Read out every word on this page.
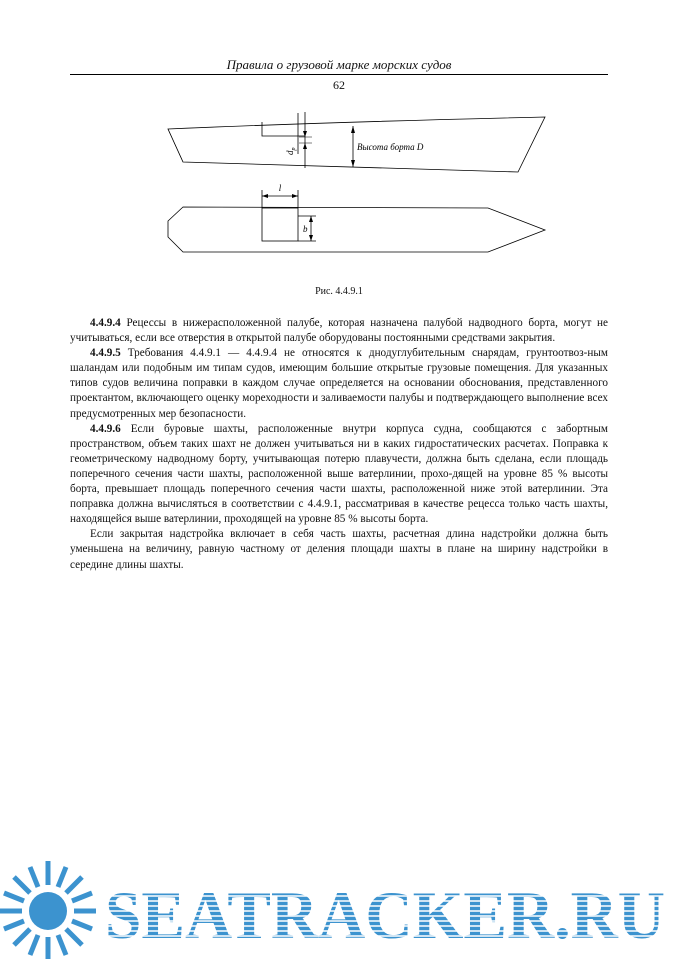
Правила о грузовой марке морских судов
62
$d_р$	Высота борта D
l
b
Рис. 4.4.9.1

4.4.9.4 Рецессы в нижерасположенной палубе, которая назначена палубой надводного борта, могут не учитываться, если все отверстия в открытой палубе оборудованы постоянными средствами закрытия.

4.4.9.5 Требования 4.4.9.1 — 4.4.9.4 не относятся к днодуглубительным снарядам, грунтоотвоз-ным шаландам или подобным им типам судов, имеющим большие открытые грузовые помещения. Для указанных типов судов величина поправки в каждом случае определяется на основании обоснования, представленного проектантом, включающего оценку мореходности и заливаемости палубы и подтверждающего выполнение всех предусмотренных мер безопасности.

4.4.9.6 Если буровые шахты, расположенные внутри корпуса судна, сообщаются с забортным пространством, объем таких шахт не должен учитываться ни в каких гидростатических расчетах. Поправка к геометрическому надводному борту, учитывающая потерю плавучести, должна быть сделана, если площадь поперечного сечения части шахты, расположенной выше ватерлинии, прохо-дящей на уровне 85 % высоты борта, превышает площадь поперечного сечения части шахты, расположенной ниже этой ватерлинии. Эта поправка должна вычисляться в соответствии с 4.4.9.1, рассматривая в качестве рецесса только часть шахты, находящейся выше ватерлинии, проходящей на уровне 85 % высоты борта.

Если закрытая надстройка включает в себя часть шахты, расчетная длина надстройки должна быть уменьшена на величину, равную частному от деления площади шахты в плане на ширину надстройки в середине длины шахты.

SEATRACKER.RU
